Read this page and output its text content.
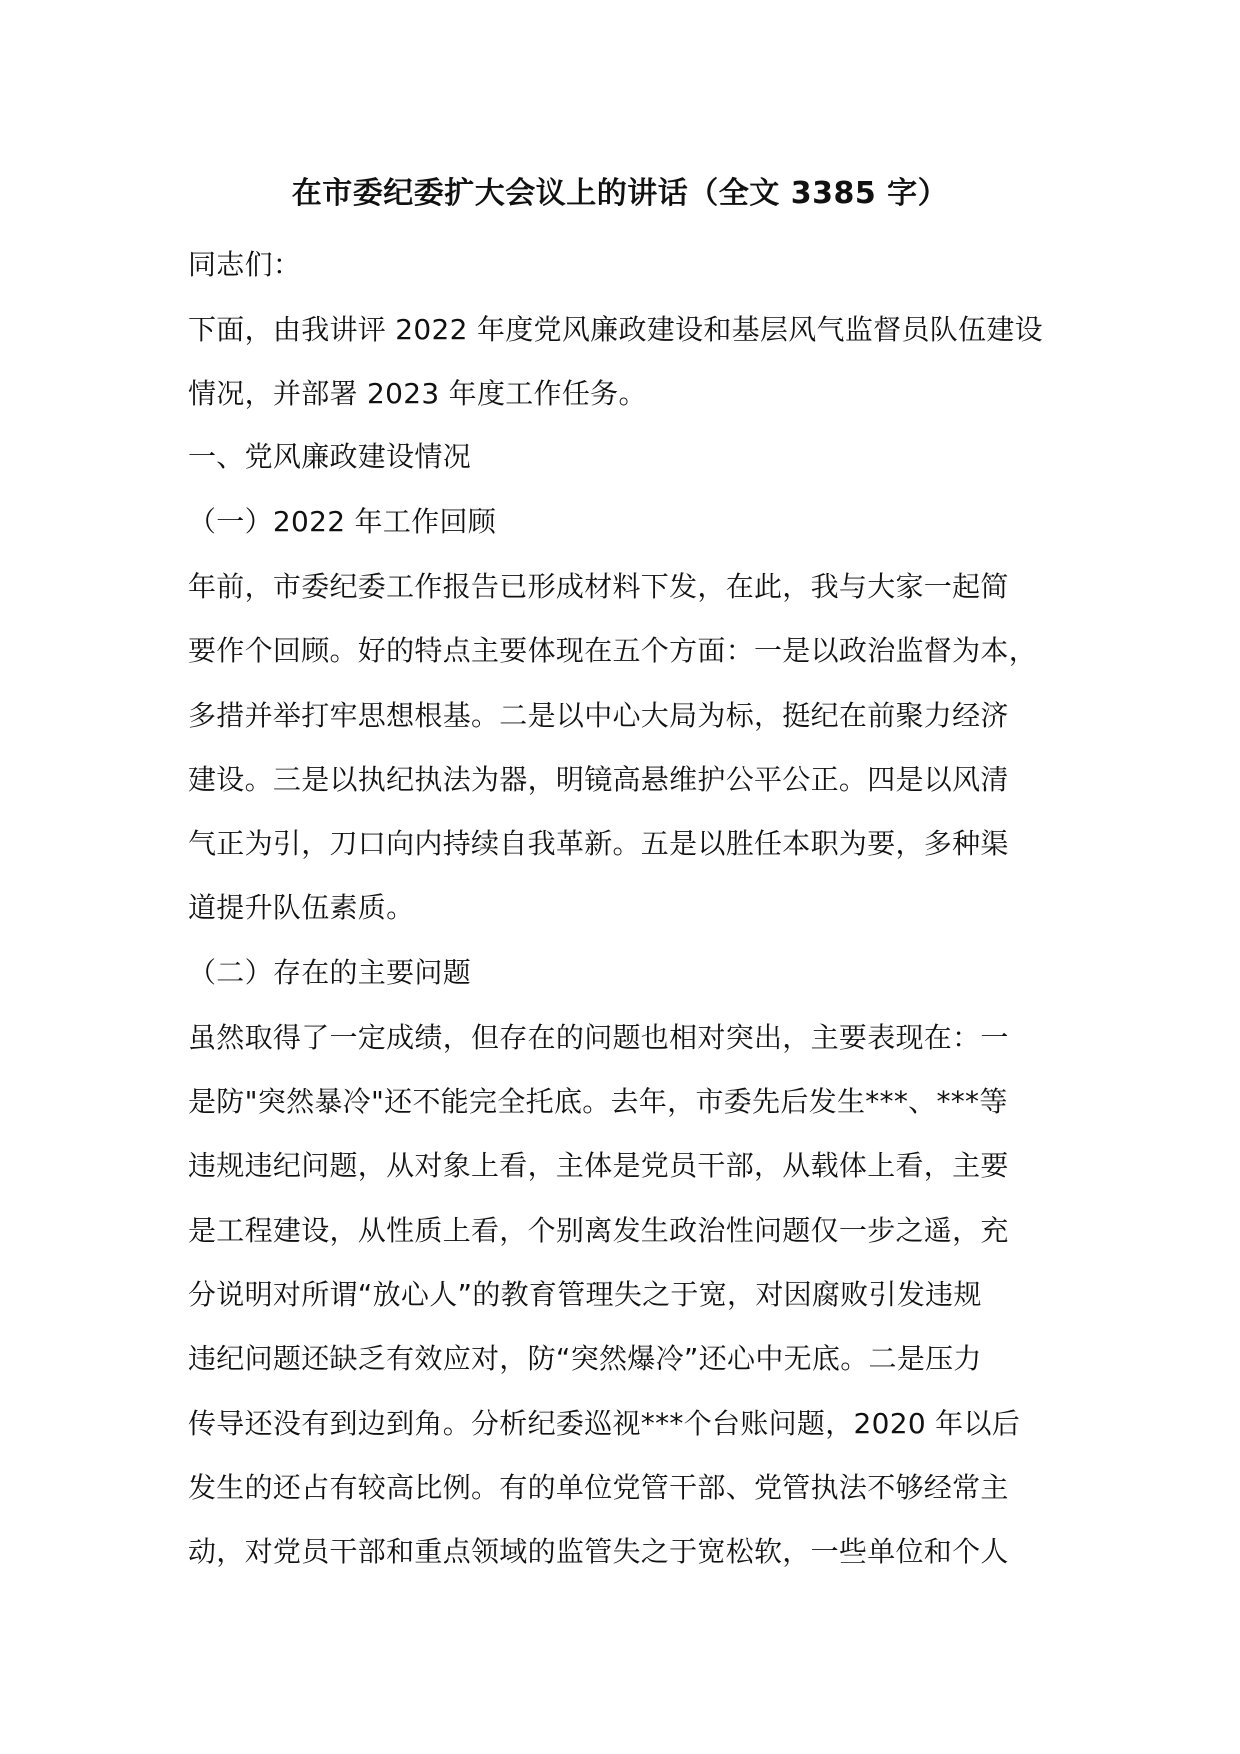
在市委纪委扩大会议上的讲话（全文 3385 字）
同志们：
下面，由我讲评 2022 年度党风廉政建设和基层风气监督员队伍建设
情况，并部署 2023 年度工作任务。
一、党风廉政建设情况
（一）2022 年工作回顾
年前，市委纪委工作报告已形成材料下发，在此，我与大家一起简
要作个回顾。好的特点主要体现在五个方面：一是以政治监督为本，
多措并举打牢思想根基。二是以中心大局为标，挺纪在前聚力经济
建设。三是以执纪执法为器，明镜高悬维护公平公正。四是以风清
气正为引，刀口向内持续自我革新。五是以胜任本职为要，多种渠
道提升队伍素质。
（二）存在的主要问题
虽然取得了一定成绩，但存在的问题也相对突出，主要表现在：一
是防"突然暴冷"还不能完全托底。去年，市委先后发生***、***等
违规违纪问题，从对象上看，主体是党员干部，从载体上看，主要
是工程建设，从性质上看，个别离发生政治性问题仅一步之遥，充
分说明对所谓“放心人”的教育管理失之于宽，对因腐败引发违规
违纪问题还缺乏有效应对，防“突然爆冷”还心中无底。二是压力
传导还没有到边到角。分析纪委巡视***个台账问题，2020 年以后
发生的还占有较高比例。有的单位党管干部、党管执法不够经常主
动，对党员干部和重点领域的监管失之于宽松软，一些单位和个人
